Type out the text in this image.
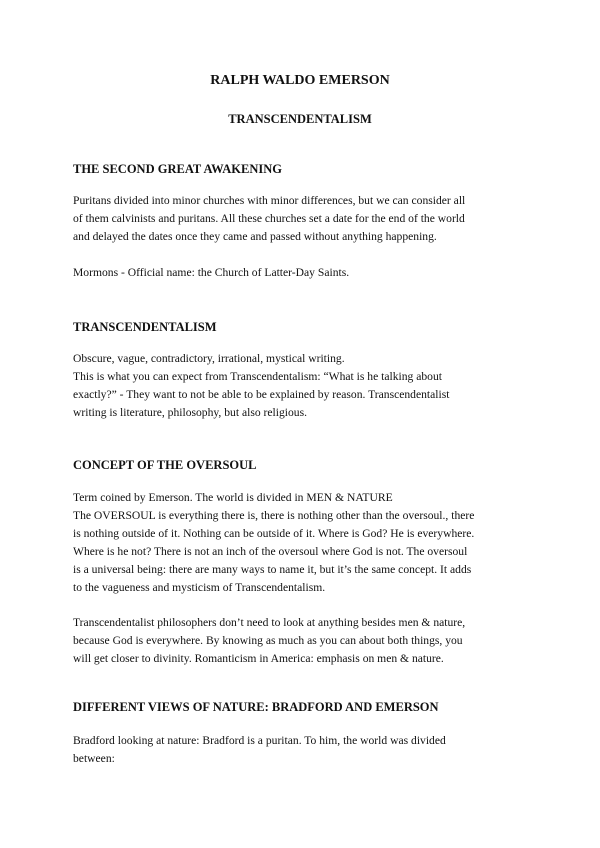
RALPH WALDO EMERSON
TRANSCENDENTALISM
THE SECOND GREAT AWAKENING

Puritans divided into minor churches with minor differences, but we can consider all
of them calvinists and puritans. All these churches set a date for the end of the world
and delayed the dates once they came and passed without anything happening.

Mormons - Official name: the Church of Latter-Day Saints.

TRANSCENDENTALISM

Obscure, vague, contradictory, irrational, mystical writing.
This is what you can expect from Transcendentalism: “What is he talking about
exactly?” - They want to not be able to be explained by reason. Transcendentalist
writing is literature, philosophy, but also religious.

CONCEPT OF THE OVERSOUL

Term coined by Emerson. The world is divided in MEN & NATURE
The OVERSOUL is everything there is, there is nothing other than the oversoul., there
is nothing outside of it. Nothing can be outside of it. Where is God? He is everywhere.
Where is he not? There is not an inch of the oversoul where God is not. The oversoul
is a universal being: there are many ways to name it, but it’s the same concept. It adds
to the vagueness and mysticism of Transcendentalism.

Transcendentalist philosophers don’t need to look at anything besides men & nature,
because God is everywhere. By knowing as much as you can about both things, you
will get closer to divinity. Romanticism in America: emphasis on men & nature.

DIFFERENT VIEWS OF NATURE: BRADFORD AND EMERSON

Bradford looking at nature: Bradford is a puritan. To him, the world was divided
between:
